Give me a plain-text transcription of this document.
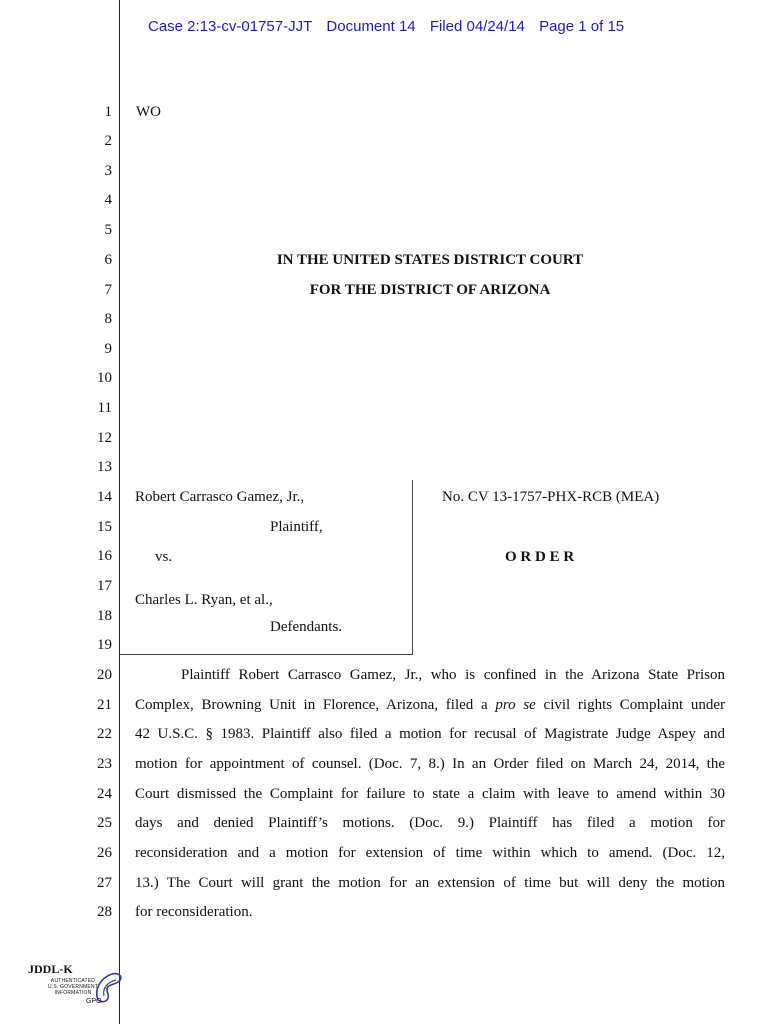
Case 2:13-cv-01757-JJT Document 14 Filed 04/24/14 Page 1 of 15
1
2
3
4
5
6
7
8
9
10
11
12
13
14
15
16
17
18
19
20
21
22
23
24
25
26
27
28
WO
IN THE UNITED STATES DISTRICT COURT
FOR THE DISTRICT OF ARIZONA
Robert Carrasco Gamez, Jr.,
Plaintiff,
vs.
Charles L. Ryan, et al.,
Defendants.
No. CV 13-1757-PHX-RCB (MEA)
O R D E R
Plaintiff Robert Carrasco Gamez, Jr., who is confined in the Arizona State Prison
Complex, Browning Unit in Florence, Arizona, filed a pro se civil rights Complaint under
42 U.S.C. § 1983. Plaintiff also filed a motion for recusal of Magistrate Judge Aspey and
motion for appointment of counsel. (Doc. 7, 8.) In an Order filed on March 24, 2014, the
Court dismissed the Complaint for failure to state a claim with leave to amend within 30
days and denied Plaintiff’s motions. (Doc. 9.) Plaintiff has filed a motion for
reconsideration and a motion for extension of time within which to amend. (Doc. 12,
13.) The Court will grant the motion for an extension of time but will deny the motion
for reconsideration.
JDDL-K
AUTHENTICATED
U.S. GOVERNMENT
INFORMATION
GPO
